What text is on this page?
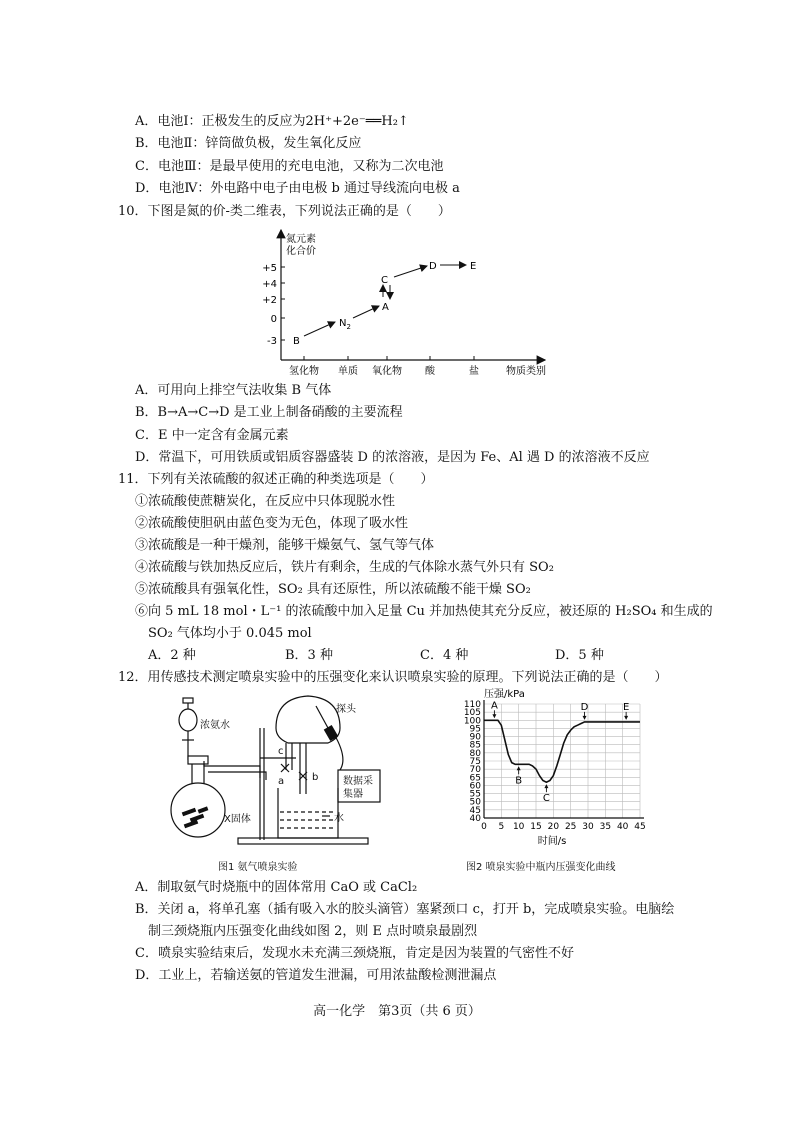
A．电池Ⅰ：正极发生的反应为2H⁺+2e⁻══H₂↑
B．电池Ⅱ：锌筒做负极，发生氧化反应
C．电池Ⅲ：是最早使用的充电电池，又称为二次电池
D．电池Ⅳ：外电路中电子由电极 b 通过导线流向电极 a
10．下图是氮的价-类二维表，下列说法正确的是（　　）
氮元素
化合价
+5
+4
+2
0
-3
氢化物 单质 氧化物 酸	盐	物质类别
B
$N_2$
A
C
D	E
A．可用向上排空气法收集 B 气体
B．B→A→C→D 是工业上制备硝酸的主要流程
C．E 中一定含有金属元素
D．常温下，可用铁质或铝质容器盛装 D 的浓溶液，是因为 Fe、Al 遇 D 的浓溶液不反应
11．下列有关浓硫酸的叙述正确的种类选项是（　　）
①浓硫酸使蔗糖炭化，在反应中只体现脱水性
②浓硫酸使胆矾由蓝色变为无色，体现了吸水性
③浓硫酸是一种干燥剂，能够干燥氨气、氢气等气体
④浓硫酸与铁加热反应后，铁片有剩余，生成的气体除水蒸气外只有 SO₂
⑤浓硫酸具有强氧化性，SO₂ 具有还原性，所以浓硫酸不能干燥 SO₂
⑥向 5 mL 18 mol・L⁻¹ 的浓硫酸中加入足量 Cu 并加热使其充分反应，被还原的 H₂SO₄ 和生成的
SO₂ 气体均小于 0.045 mol
A．2 种	B．3 种	C．4 种	D．5 种
12．用传感技术测定喷泉实验中的压强变化来认识喷泉实验的原理。下列说法正确的是（　　）
浓氨水
探头
X固体	水
数据采
集器
a	b
c
40
45
50
55
60
65
70
75
80
85
90
95
100
105
110
0 5 10 15 20 25 30 35 40 45
A
B
C
D	E
压强/kPa
时间/s
图1 氨气喷泉实验	图2 喷泉实验中瓶内压强变化曲线
A．制取氨气时烧瓶中的固体常用 CaO 或 CaCl₂
B．关闭 a，将单孔塞（插有吸入水的胶头滴管）塞紧颈口 c，打开 b，完成喷泉实验。电脑绘
制三颈烧瓶内压强变化曲线如图 2，则 E 点时喷泉最剧烈
C．喷泉实验结束后，发现水未充满三颈烧瓶，肯定是因为装置的气密性不好
D．工业上，若输送氨的管道发生泄漏，可用浓盐酸检测泄漏点
高一化学　第3页（共 6 页）
